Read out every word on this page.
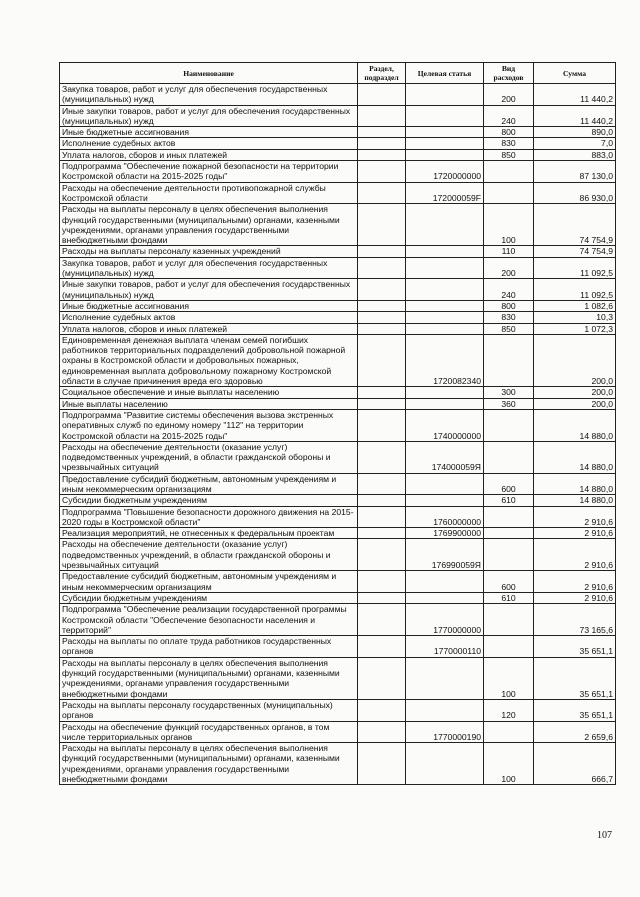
Наименование	Раздел, подраздел	Целевая статья	Вид расходов	Сумма
Закупка товаров, работ и услуг для обеспечения государственных (муниципальных) нужд			200	11 440,2
Иные закупки товаров, работ и услуг для обеспечения государственных (муниципальных) нужд			240	11 440,2
Иные бюджетные ассигнования			800	890,0
Исполнение судебных актов			830	7,0
Уплата налогов, сборов и иных платежей			850	883,0
Подпрограмма "Обеспечение пожарной безопасности на территории Костромской области на 2015-2025 годы"		1720000000		87 130,0
Расходы на обеспечение деятельности противопожарной службы Костромской области		172000059F		86 930,0
Расходы на выплаты персоналу в целях обеспечения выполнения функций государственными (муниципальными) органами, казенными учреждениями, органами управления государственными внебюджетными фондами			100	74 754,9
Расходы на выплаты персоналу казенных учреждений			110	74 754,9
Закупка товаров, работ и услуг для обеспечения государственных (муниципальных) нужд			200	11 092,5
Иные закупки товаров, работ и услуг для обеспечения государственных (муниципальных) нужд			240	11 092,5
Иные бюджетные ассигнования			800	1 082,6
Исполнение судебных актов			830	10,3
Уплата налогов, сборов и иных платежей			850	1 072,3
Единовременная денежная выплата членам семей погибших работников территориальных подразделений добровольной пожарной охраны в Костромской области и добровольных пожарных, единовременная выплата добровольному пожарному Костромской области в случае причинения вреда его здоровью		1720082340		200,0
Социальное обеспечение и иные выплаты населению			300	200,0
Иные выплаты населению			360	200,0
Подпрограмма "Развитие системы обеспечения вызова экстренных оперативных служб по единому номеру "112" на территории Костромской области на 2015-2025 годы"		1740000000		14 880,0
Расходы на обеспечение деятельности (оказание услуг) подведомственных учреждений, в области гражданской обороны и чрезвычайных ситуаций		174000059Я		14 880,0
Предоставление субсидий бюджетным, автономным учреждениям и иным некоммерческим организациям			600	14 880,0
Субсидии бюджетным учреждениям			610	14 880,0
Подпрограмма "Повышение безопасности дорожного движения на 2015-2020 годы в Костромской области"		1760000000		2 910,6
Реализация мероприятий, не отнесенных к федеральным проектам		1769900000		2 910,6
Расходы на обеспечение деятельности (оказание услуг) подведомственных учреждений, в области гражданской обороны и чрезвычайных ситуаций		176990059Я		2 910,6
Предоставление субсидий бюджетным, автономным учреждениям и иным некоммерческим организациям			600	2 910,6
Субсидии бюджетным учреждениям			610	2 910,6
Подпрограмма "Обеспечение реализации государственной программы Костромской области "Обеспечение безопасности населения и территорий"		1770000000		73 165,6
Расходы на выплаты по оплате труда работников государственных органов		1770000110		35 651,1
Расходы на выплаты персоналу в целях обеспечения выполнения функций государственными (муниципальными) органами, казенными учреждениями, органами управления государственными внебюджетными фондами			100	35 651,1
Расходы на выплаты персоналу государственных (муниципальных) органов			120	35 651,1
Расходы на обеспечение функций государственных органов, в том числе территориальных органов		1770000190		2 659,6
Расходы на выплаты персоналу в целях обеспечения выполнения функций государственными (муниципальными) органами, казенными учреждениями, органами управления государственными внебюджетными фондами			100	666,7
107
